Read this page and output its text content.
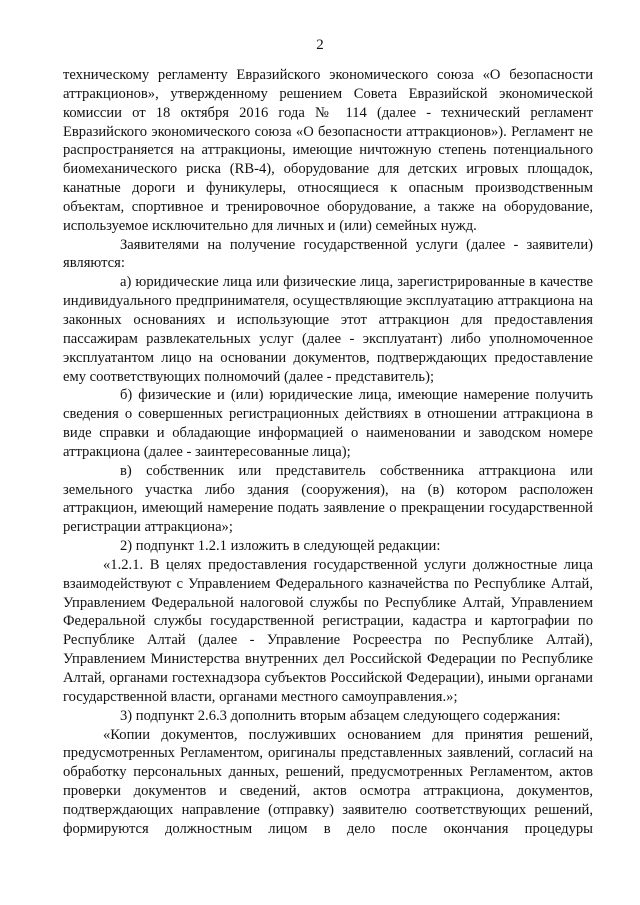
2

техническому регламенту Евразийского экономического союза «О безопасности аттракционов», утвержденному решением Совета Евразийской экономической комиссии от 18 октября 2016 года № 114 (далее - технический регламент Евразийского экономического союза «О безопасности аттракционов»). Регламент не распространяется на аттракционы, имеющие ничтожную степень потенциального биомеханического риска (RB-4), оборудование для детских игровых площадок, канатные дороги и фуникулеры, относящиеся к опасным производственным объектам, спортивное и тренировочное оборудование, а также на оборудование, используемое исключительно для личных и (или) семейных нужд.

Заявителями на получение государственной услуги (далее - заявители) являются:

а) юридические лица или физические лица, зарегистрированные в качестве индивидуального предпринимателя, осуществляющие эксплуатацию аттракциона на законных основаниях и использующие этот аттракцион для предоставления пассажирам развлекательных услуг (далее - эксплуатант) либо уполномоченное эксплуатантом лицо на основании документов, подтверждающих предоставление ему соответствующих полномочий (далее - представитель);

б) физические и (или) юридические лица, имеющие намерение получить сведения о совершенных регистрационных действиях в отношении аттракциона в виде справки и обладающие информацией о наименовании и заводском номере аттракциона (далее - заинтересованные лица);

в) собственник или представитель собственника аттракциона или земельного участка либо здания (сооружения), на (в) котором расположен аттракцион, имеющий намерение подать заявление о прекращении государственной регистрации аттракциона»;

2) подпункт 1.2.1 изложить в следующей редакции:

«1.2.1. В целях предоставления государственной услуги должностные лица взаимодействуют с Управлением Федерального казначейства по Республике Алтай, Управлением Федеральной налоговой службы по Республике Алтай, Управлением Федеральной службы государственной регистрации, кадастра и картографии по Республике Алтай (далее - Управление Росреестра по Республике Алтай), Управлением Министерства внутренних дел Российской Федерации по Республике Алтай, органами гостехнадзора субъектов Российской Федерации), иными органами государственной власти, органами местного самоуправления.»;

3) подпункт 2.6.3 дополнить вторым абзацем следующего содержания:

«Копии документов, послуживших основанием для принятия решений, предусмотренных Регламентом, оригиналы представленных заявлений, согласий на обработку персональных данных, решений, предусмотренных Регламентом, актов проверки документов и сведений, актов осмотра аттракциона, документов, подтверждающих направление (отправку) заявителю соответствующих решений, формируются должностным лицом в дело после окончания процедуры
